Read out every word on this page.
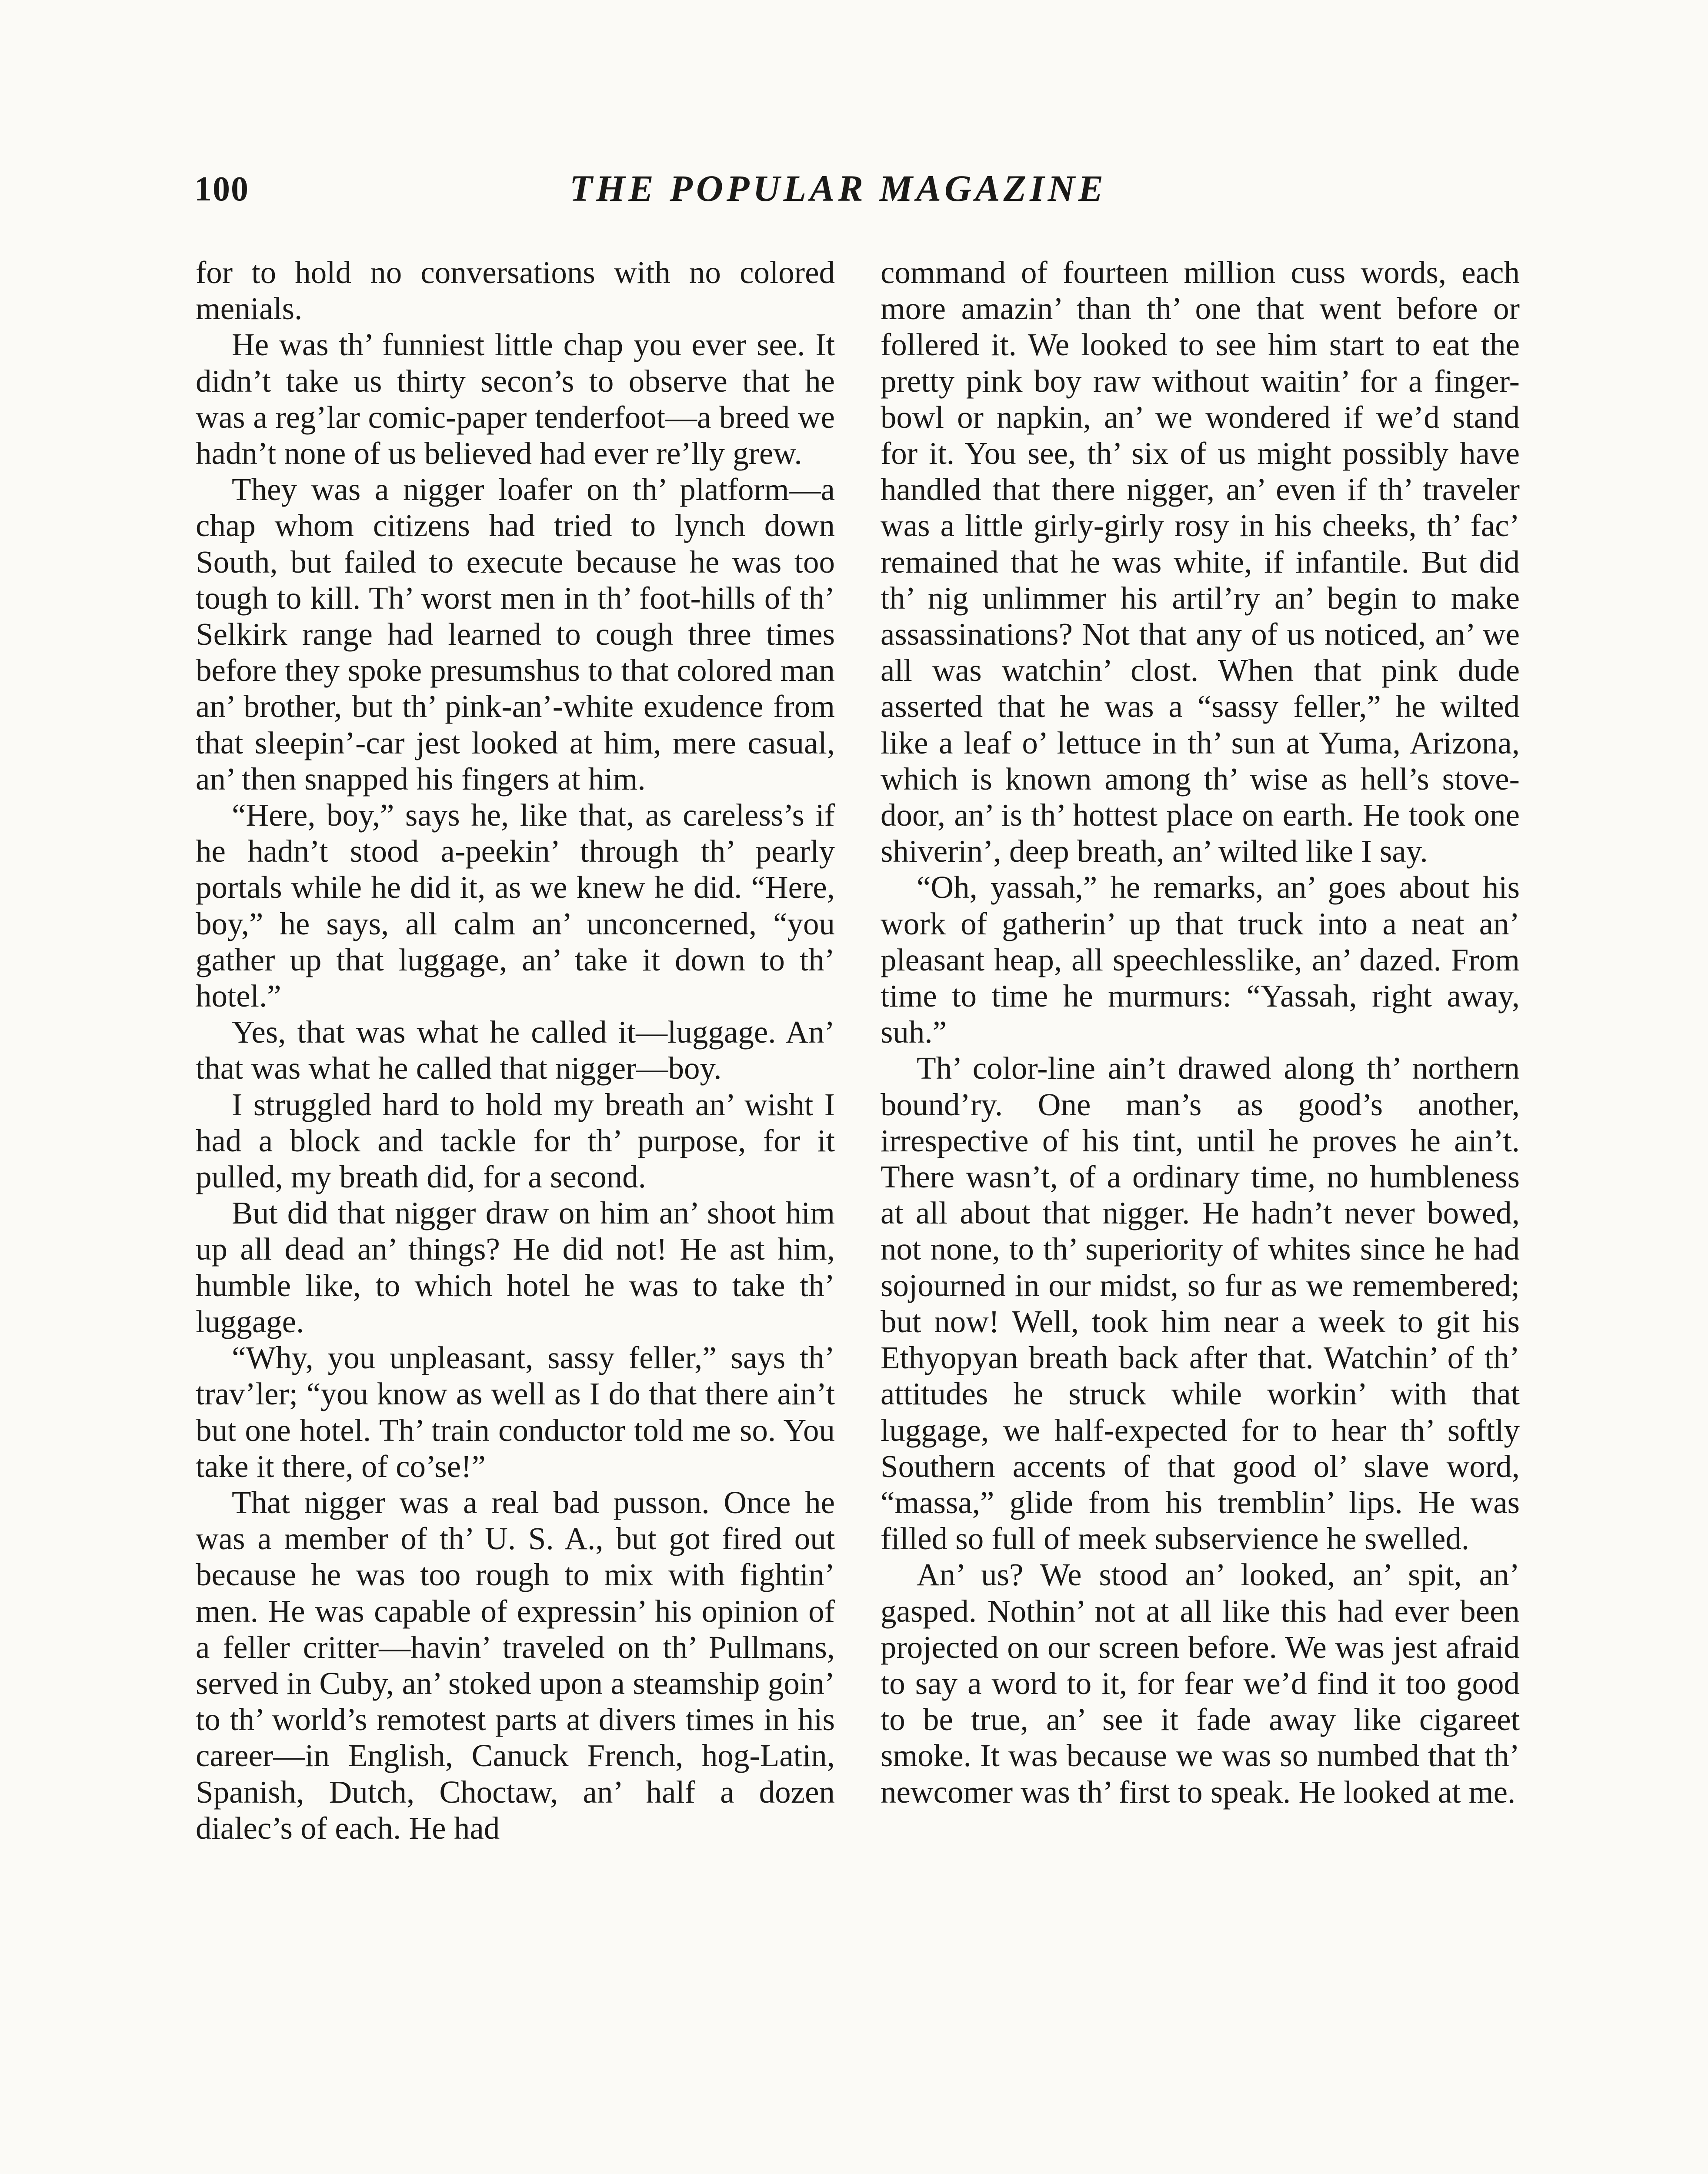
100	THE POPULAR MAGAZINE

for to hold no conversations with no colored menials.

He was th’ funniest little chap you ever see. It didn’t take us thirty secon’s to observe that he was a reg’lar comic-paper tenderfoot—a breed we hadn’t none of us believed had ever re’lly grew.

They was a nigger loafer on th’ platform—a chap whom citizens had tried to lynch down South, but failed to execute because he was too tough to kill. Th’ worst men in th’ foot-hills of th’ Selkirk range had learned to cough three times before they spoke presumshus to that colored man an’ brother, but th’ pink-an’-white exudence from that sleepin’-car jest looked at him, mere casual, an’ then snapped his fingers at him.

“Here, boy,” says he, like that, as careless’s if he hadn’t stood a-peekin’ through th’ pearly portals while he did it, as we knew he did. “Here, boy,” he says, all calm an’ unconcerned, “you gather up that luggage, an’ take it down to th’ hotel.”

Yes, that was what he called it—luggage. An’ that was what he called that nigger—boy.

I struggled hard to hold my breath an’ wisht I had a block and tackle for th’ purpose, for it pulled, my breath did, for a second.

But did that nigger draw on him an’ shoot him up all dead an’ things? He did not! He ast him, humble like, to which hotel he was to take th’ luggage.

“Why, you unpleasant, sassy feller,” says th’ trav’ler; “you know as well as I do that there ain’t but one hotel. Th’ train conductor told me so. You take it there, of co’se!”

That nigger was a real bad pusson. Once he was a member of th’ U. S. A., but got fired out because he was too rough to mix with fightin’ men. He was capable of expressin’ his opinion of a feller critter—havin’ traveled on th’ Pullmans, served in Cuby, an’ stoked upon a steamship goin’ to th’ world’s remotest parts at divers times in his career—in English, Canuck French, hog-Latin, Spanish, Dutch, Choctaw, an’ half a dozen dialec’s of each. He had

command of fourteen million cuss words, each more amazin’ than th’ one that went before or follered it. We looked to see him start to eat the pretty pink boy raw without waitin’ for a finger-bowl or napkin, an’ we wondered if we’d stand for it. You see, th’ six of us might possibly have handled that there nigger, an’ even if th’ traveler was a little girly-girly rosy in his cheeks, th’ fac’ remained that he was white, if infantile. But did th’ nig unlimmer his artil’ry an’ begin to make assassinations? Not that any of us noticed, an’ we all was watchin’ clost. When that pink dude asserted that he was a “sassy feller,” he wilted like a leaf o’ lettuce in th’ sun at Yuma, Arizona, which is known among th’ wise as hell’s stove-door, an’ is th’ hottest place on earth. He took one shiverin’, deep breath, an’ wilted like I say.

“Oh, yassah,” he remarks, an’ goes about his work of gatherin’ up that truck into a neat an’ pleasant heap, all speechlesslike, an’ dazed. From time to time he murmurs: “Yassah, right away, suh.”

Th’ color-line ain’t drawed along th’ northern bound’ry. One man’s as good’s another, irrespective of his tint, until he proves he ain’t. There wasn’t, of a ordinary time, no humbleness at all about that nigger. He hadn’t never bowed, not none, to th’ superiority of whites since he had sojourned in our midst, so fur as we remembered; but now! Well, took him near a week to git his Ethyopyan breath back after that. Watchin’ of th’ attitudes he struck while workin’ with that luggage, we half-expected for to hear th’ softly Southern accents of that good ol’ slave word, “massa,” glide from his tremblin’ lips. He was filled so full of meek subservience he swelled.

An’ us? We stood an’ looked, an’ spit, an’ gasped. Nothin’ not at all like this had ever been projected on our screen before. We was jest afraid to say a word to it, for fear we’d find it too good to be true, an’ see it fade away like cigareet smoke. It was because we was so numbed that th’ newcomer was th’ first to speak. He looked at me.
